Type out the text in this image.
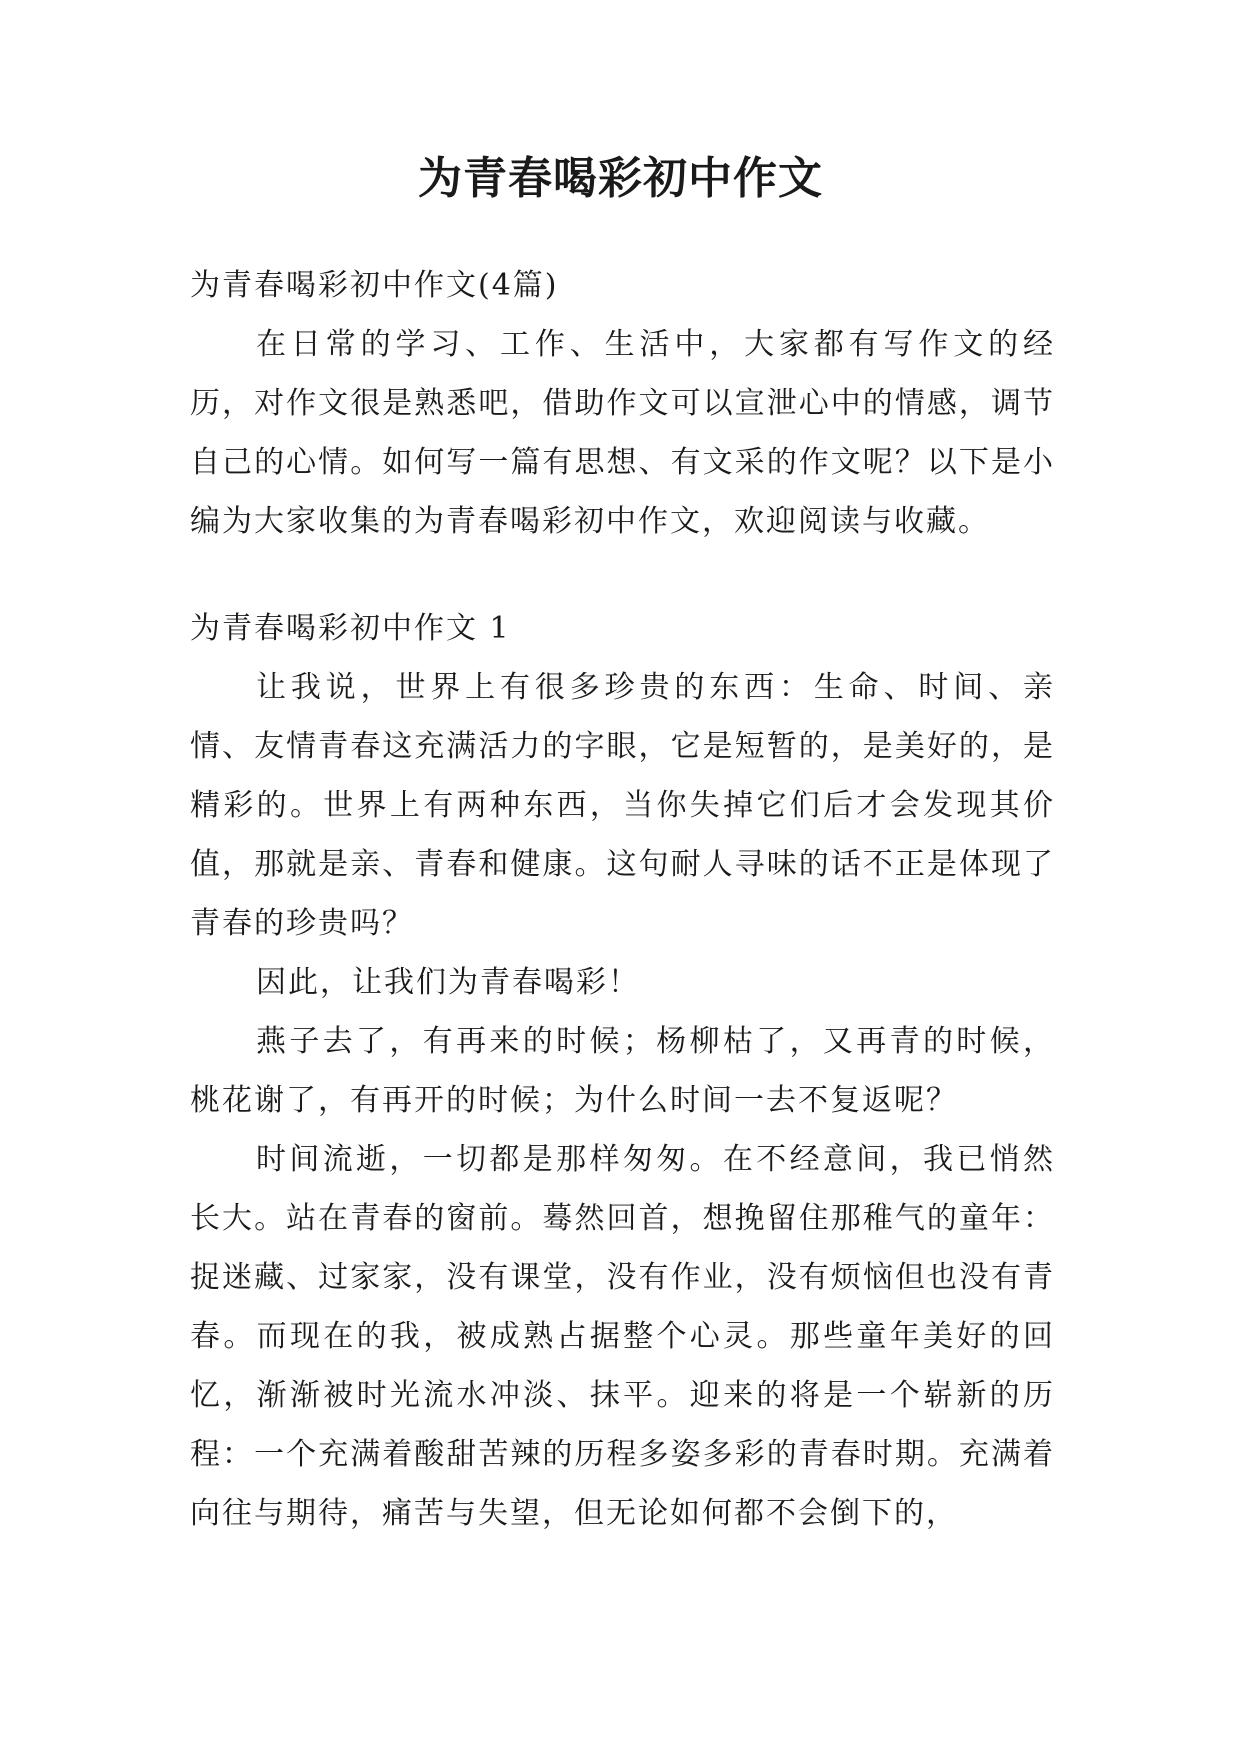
为青春喝彩初中作文

为青春喝彩初中作文(4篇)

在日常的学习、工作、生活中，大家都有写作文的经历，对作文很是熟悉吧，借助作文可以宣泄心中的情感，调节自己的心情。如何写一篇有思想、有文采的作文呢？以下是小编为大家收集的为青春喝彩初中作文，欢迎阅读与收藏。

为青春喝彩初中作文 1

让我说，世界上有很多珍贵的东西：生命、时间、亲情、友情青春这充满活力的字眼，它是短暂的，是美好的，是精彩的。世界上有两种东西，当你失掉它们后才会发现其价值，那就是亲、青春和健康。这句耐人寻味的话不正是体现了青春的珍贵吗？

因此，让我们为青春喝彩！

燕子去了，有再来的时候；杨柳枯了，又再青的时候，桃花谢了，有再开的时候；为什么时间一去不复返呢？

时间流逝，一切都是那样匆匆。在不经意间，我已悄然长大。站在青春的窗前。蓦然回首，想挽留住那稚气的童年：捉迷藏、过家家，没有课堂，没有作业，没有烦恼但也没有青春。而现在的我，被成熟占据整个心灵。那些童年美好的回忆，渐渐被时光流水冲淡、抹平。迎来的将是一个崭新的历程：一个充满着酸甜苦辣的历程多姿多彩的青春时期。充满着向往与期待，痛苦与失望，但无论如何都不会倒下的，
